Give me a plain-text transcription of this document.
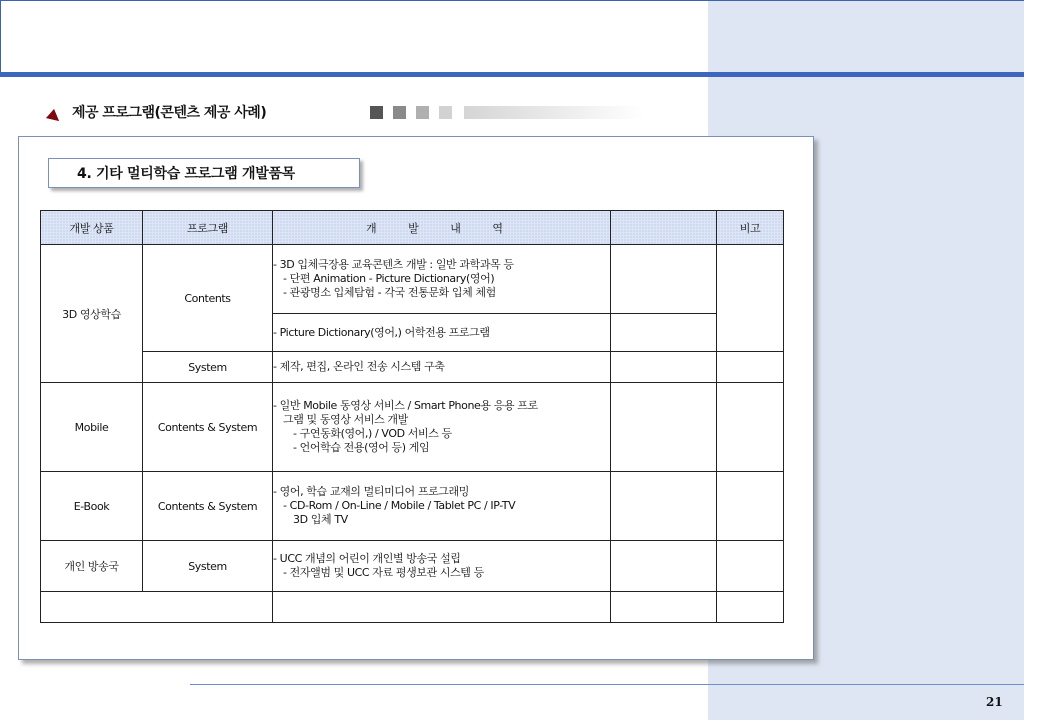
제공 프로그램(콘텐츠 제공 사례)
4. 기타 멀티학습 프로그램 개발품목
개발 상품	프로그램	개 발 내 역		비고
3D 영상학습	Contents	- 3D 입체극장용 교육콘텐츠 개발 : 일반 과학과목 등
- 단편 Animation - Picture Dictionary(영어)
- 관광명소 입체탐험 - 각국 전통문화 입체 체험		

		- Picture Dictionary(영어,) 어학전용 프로그램		

	System	- 제작, 편집, 온라인 전송 시스템 구축		

Mobile	Contents & System	- 일반 Mobile 동영상 서비스 / Smart Phone용 응용 프로
그램 및 동영상 서비스 개발
- 구연동화(영어,) / VOD 서비스 등
- 언어학습 전용(영어 등) 게임		

E-Book	Contents & System	- 영어, 학습 교재의 멀티미디어 프로그래밍
- CD-Rom / On-Line / Mobile / Tablet PC / IP-TV
3D 입체 TV		

개인 방송국	System	- UCC 개념의 어린이 개인별 방송국 설립
- 전자앨범 및 UCC 자료 평생보관 시스템 등		

21
